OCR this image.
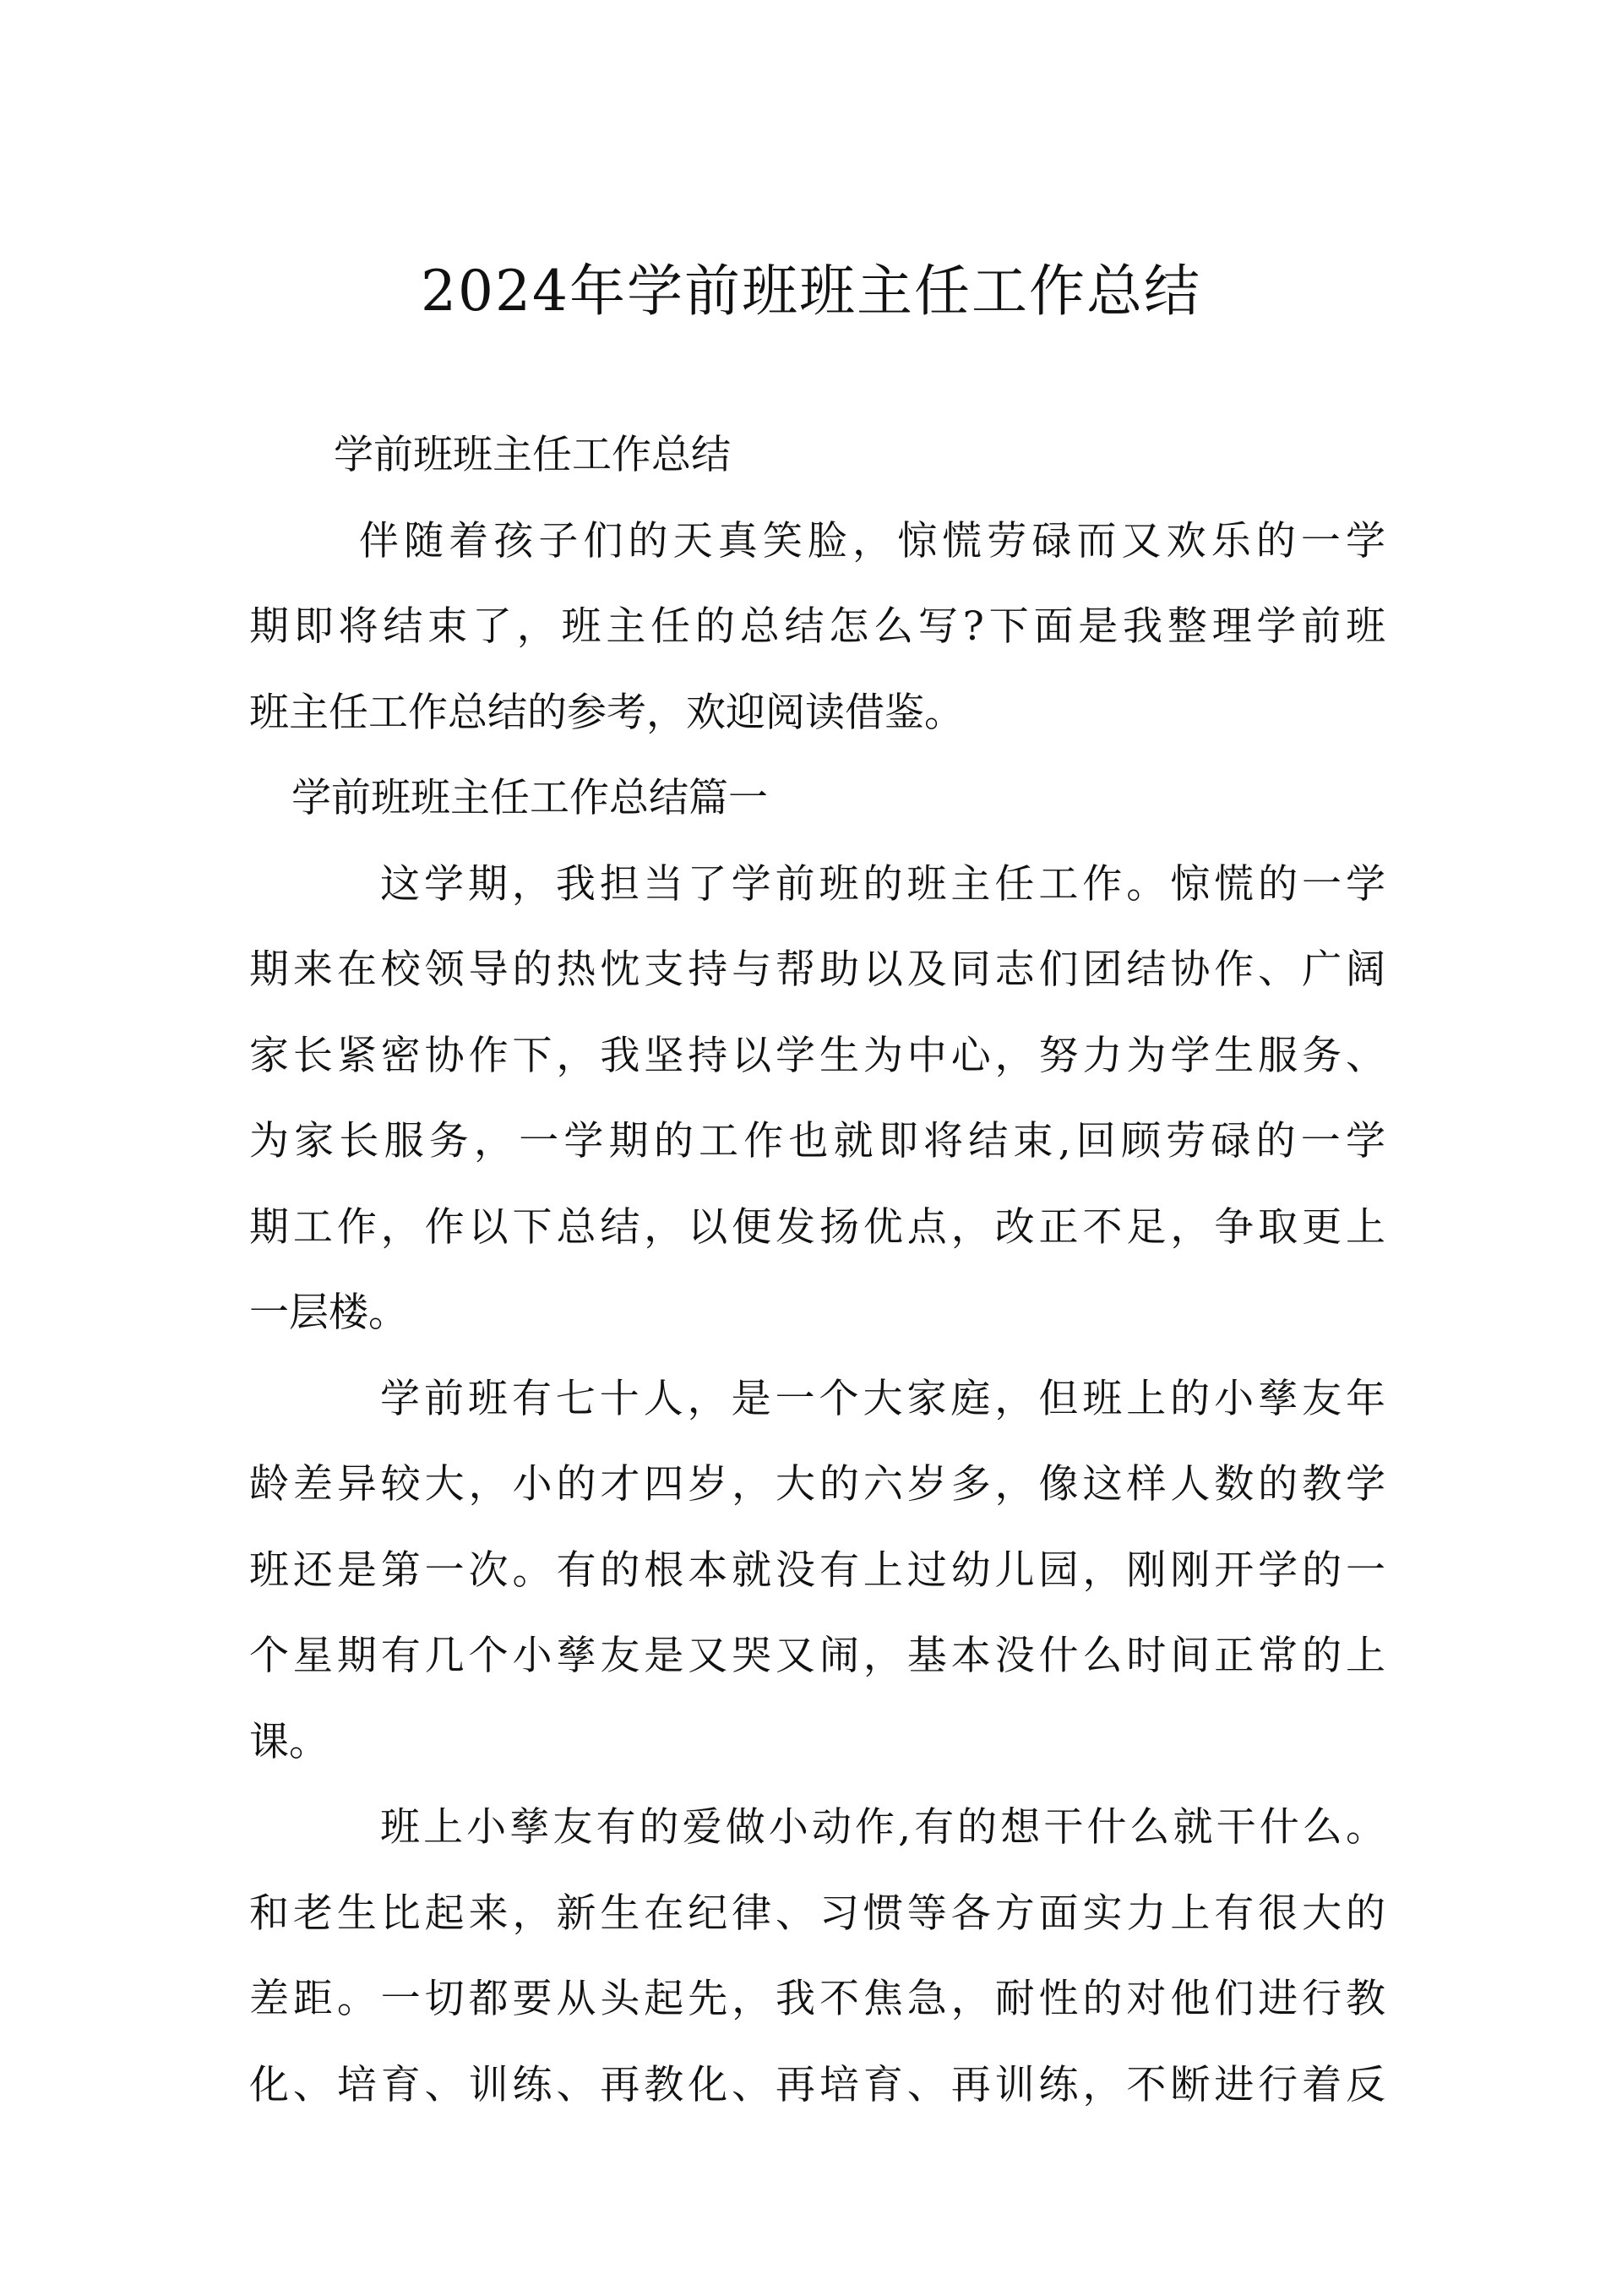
2024年学前班班主任工作总结
学前班班主任工作总结
伴随着孩子们的天真笑脸，惊慌劳碌而又欢乐的一学
期即将结束了，班主任的总结怎么写?下面是我整理学前班
班主任工作总结的参考，欢迎阅读借鉴。
学前班班主任工作总结篇一
这学期，我担当了学前班的班主任工作。惊慌的一学
期来在校领导的热忱支持与帮助以及同志们团结协作、广阔
家长紧密协作下，我坚持以学生为中心，努力为学生服务、
为家长服务，一学期的工作也就即将结束,回顾劳碌的一学
期工作，作以下总结，以便发扬优点，改正不足，争取更上
一层楼。
学前班有七十人，是一个大家庭，但班上的小孳友年
龄差异较大，小的才四岁，大的六岁多，像这样人数的教学
班还是第一次。有的根本就没有上过幼儿园，刚刚开学的一
个星期有几个小孳友是又哭又闹，基本没什么时间正常的上
课。
班上小孳友有的爱做小动作,有的想干什么就干什么。
和老生比起来，新生在纪律、习惯等各方面实力上有很大的
差距。一切都要从头起先，我不焦急，耐性的对他们进行教
化、培育、训练、再教化、再培育、再训练，不断进行着反
